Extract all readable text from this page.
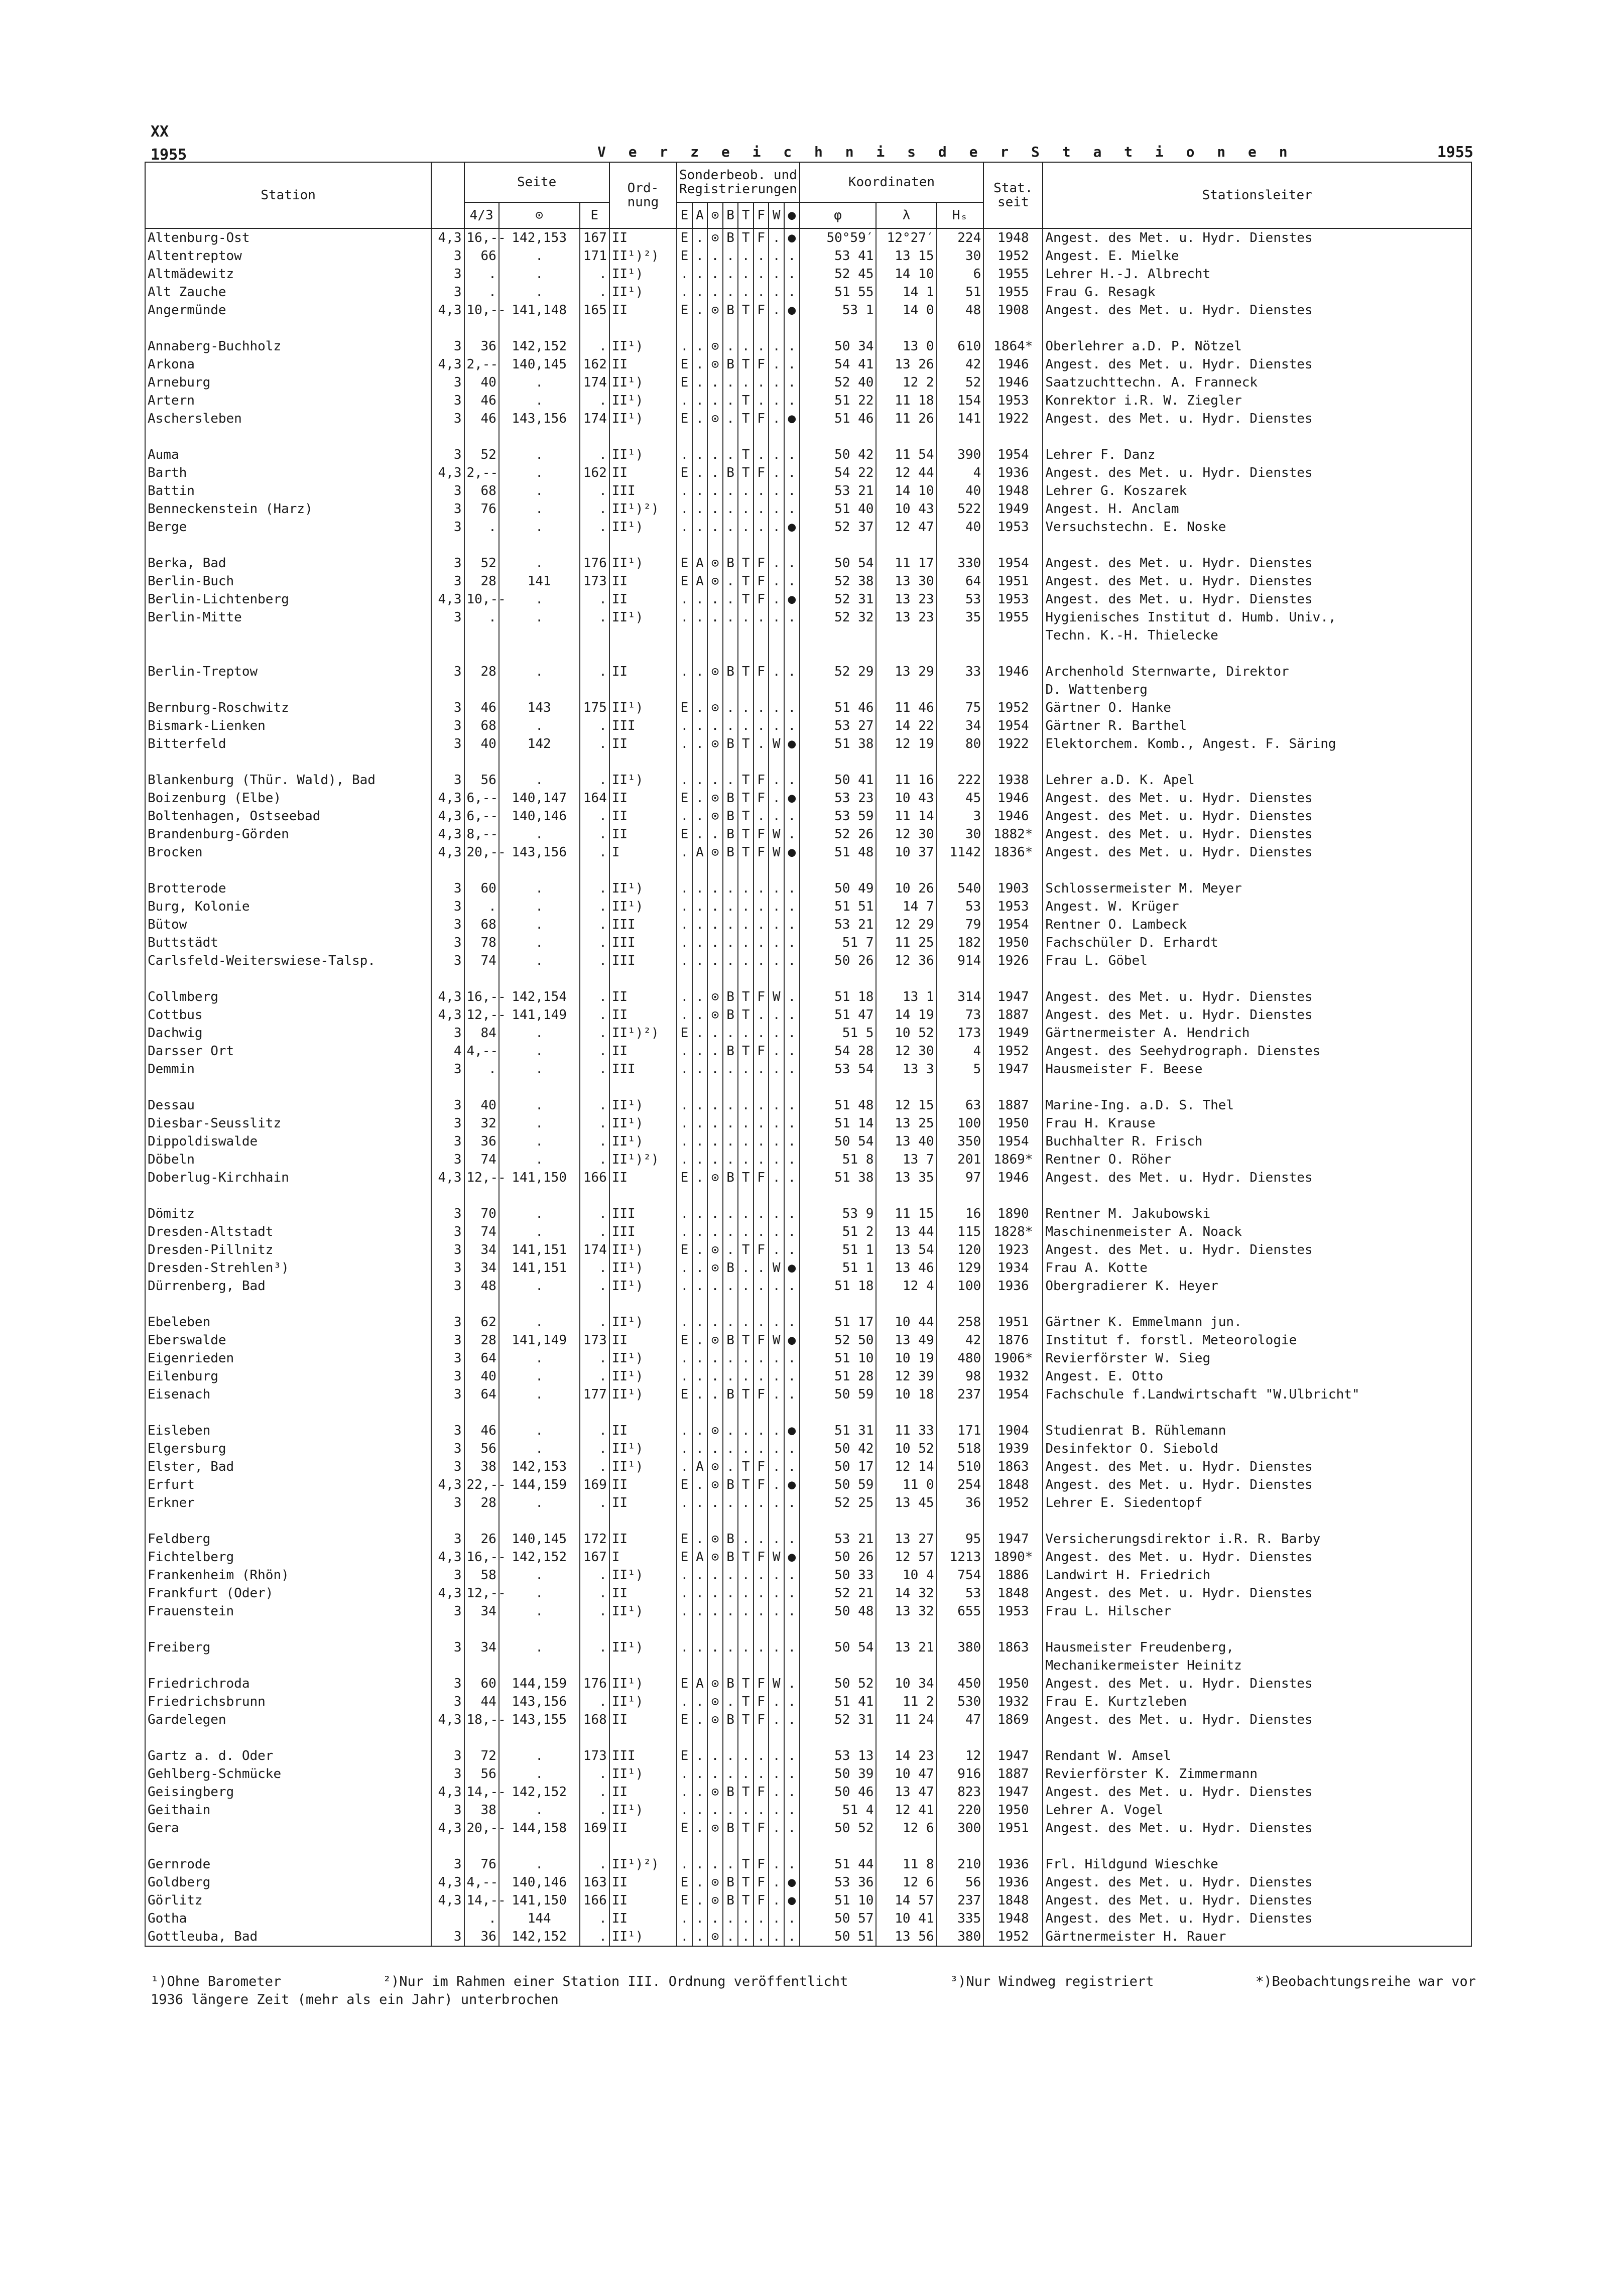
XX
1955	V e r z e i c h n i s d e r S t a t i o n e n	1955
Station		Seite			Ord-
nung	Sonderbeob. und
Registrierungen								Koordinaten			Stat.
seit	Stationsleiter
		4/3	⊙	E		E	A	⊙	B	T	F	W	●	φ	λ	Hₛ		
Altenburg-Ost	4,3	16,--	142,153	167	II	E	.	⊙	B	T	F	.	●	50°59′	12°27′	224	1948	Angest. des Met. u. Hydr. Dienstes
Altentreptow	3	66	.	171	II¹)²)	E	.	.	.	.	.	.	.	53 41	13 15	30	1952	Angest. E. Mielke
Altmädewitz	3	.	.	.	II¹)	.	.	.	.	.	.	.	.	52 45	14 10	6	1955	Lehrer H.-J. Albrecht
Alt Zauche	3	.	.	.	II¹)	.	.	.	.	.	.	.	.	51 55	14 1	51	1955	Frau G. Resagk
Angermünde	4,3	10,--	141,148	165	II	E	.	⊙	B	T	F	.	●	53 1	14 0	48	1908	Angest. des Met. u. Hydr. Dienstes

Annaberg-Buchholz	3	36	142,152	.	II¹)	.	.	⊙	.	.	.	.	.	50 34	13 0	610	1864*	Oberlehrer a.D. P. Nötzel
Arkona	4,3	2,--	140,145	162	II	E	.	⊙	B	T	F	.	.	54 41	13 26	42	1946	Angest. des Met. u. Hydr. Dienstes
Arneburg	3	40	.	174	II¹)	E	.	.	.	.	.	.	.	52 40	12 2	52	1946	Saatzuchttechn. A. Franneck
Artern	3	46	.	.	II¹)	.	.	.	.	T	.	.	.	51 22	11 18	154	1953	Konrektor i.R. W. Ziegler
Aschersleben	3	46	143,156	174	II¹)	E	.	⊙	.	T	F	.	●	51 46	11 26	141	1922	Angest. des Met. u. Hydr. Dienstes

Auma	3	52	.	.	II¹)	.	.	.	.	T	.	.	.	50 42	11 54	390	1954	Lehrer F. Danz
Barth	4,3	2,--	.	162	II	E	.	.	B	T	F	.	.	54 22	12 44	4	1936	Angest. des Met. u. Hydr. Dienstes
Battin	3	68	.	.	III	.	.	.	.	.	.	.	.	53 21	14 10	40	1948	Lehrer G. Koszarek
Benneckenstein (Harz)	3	76	.	.	II¹)²)	.	.	.	.	.	.	.	.	51 40	10 43	522	1949	Angest. H. Anclam
Berge	3	.	.	.	II¹)	.	.	.	.	.	.	.	●	52 37	12 47	40	1953	Versuchstechn. E. Noske

Berka, Bad	3	52	.	176	II¹)	E	A	⊙	B	T	F	.	.	50 54	11 17	330	1954	Angest. des Met. u. Hydr. Dienstes
Berlin-Buch	3	28	141	173	II	E	A	⊙	.	T	F	.	.	52 38	13 30	64	1951	Angest. des Met. u. Hydr. Dienstes
Berlin-Lichtenberg	4,3	10,--	.	.	II	.	.	.	.	T	F	.	●	52 31	13 23	53	1953	Angest. des Met. u. Hydr. Dienstes
Berlin-Mitte	3	.	.	.	II¹)	.	.	.	.	.	.	.	.	52 32	13 23	35	1955	Hygienisches Institut d. Humb. Univ.,
																		Techn. K.-H. Thielecke

Berlin-Treptow	3	28	.	.	II	.	.	⊙	B	T	F	.	.	52 29	13 29	33	1946	Archenhold Sternwarte, Direktor
																		D. Wattenberg
Bernburg-Roschwitz	3	46	143	175	II¹)	E	.	⊙	.	.	.	.	.	51 46	11 46	75	1952	Gärtner O. Hanke
Bismark-Lienken	3	68	.	.	III	.	.	.	.	.	.	.	.	53 27	14 22	34	1954	Gärtner R. Barthel
Bitterfeld	3	40	142	.	II	.	.	⊙	B	T	.	W	●	51 38	12 19	80	1922	Elektorchem. Komb., Angest. F. Säring

Blankenburg (Thür. Wald), Bad	3	56	.	.	II¹)	.	.	.	.	T	F	.	.	50 41	11 16	222	1938	Lehrer a.D. K. Apel
Boizenburg (Elbe)	4,3	6,--	140,147	164	II	E	.	⊙	B	T	F	.	●	53 23	10 43	45	1946	Angest. des Met. u. Hydr. Dienstes
Boltenhagen, Ostseebad	4,3	6,--	140,146	.	II	.	.	⊙	B	T	.	.	.	53 59	11 14	3	1946	Angest. des Met. u. Hydr. Dienstes
Brandenburg-Görden	4,3	8,--	.	.	II	E	.	.	B	T	F	W	.	52 26	12 30	30	1882*	Angest. des Met. u. Hydr. Dienstes
Brocken	4,3	20,--	143,156	.	I	.	A	⊙	B	T	F	W	●	51 48	10 37	1142	1836*	Angest. des Met. u. Hydr. Dienstes

Brotterode	3	60	.	.	II¹)	.	.	.	.	.	.	.	.	50 49	10 26	540	1903	Schlossermeister M. Meyer
Burg, Kolonie	3	.	.	.	II¹)	.	.	.	.	.	.	.	.	51 51	14 7	53	1953	Angest. W. Krüger
Bütow	3	68	.	.	III	.	.	.	.	.	.	.	.	53 21	12 29	79	1954	Rentner O. Lambeck
Buttstädt	3	78	.	.	III	.	.	.	.	.	.	.	.	51 7	11 25	182	1950	Fachschüler D. Erhardt
Carlsfeld-Weiterswiese-Talsp.	3	74	.	.	III	.	.	.	.	.	.	.	.	50 26	12 36	914	1926	Frau L. Göbel

Collmberg	4,3	16,--	142,154	.	II	.	.	⊙	B	T	F	W	.	51 18	13 1	314	1947	Angest. des Met. u. Hydr. Dienstes
Cottbus	4,3	12,--	141,149	.	II	.	.	⊙	B	T	.	.	.	51 47	14 19	73	1887	Angest. des Met. u. Hydr. Dienstes
Dachwig	3	84	.	.	II¹)²)	E	.	.	.	.	.	.	.	51 5	10 52	173	1949	Gärtnermeister A. Hendrich
Darsser Ort	4	4,--	.	.	II	.	.	.	B	T	F	.	.	54 28	12 30	4	1952	Angest. des Seehydrograph. Dienstes
Demmin	3	.	.	.	III	.	.	.	.	.	.	.	.	53 54	13 3	5	1947	Hausmeister F. Beese

Dessau	3	40	.	.	II¹)	.	.	.	.	.	.	.	.	51 48	12 15	63	1887	Marine-Ing. a.D. S. Thel
Diesbar-Seusslitz	3	32	.	.	II¹)	.	.	.	.	.	.	.	.	51 14	13 25	100	1950	Frau H. Krause
Dippoldiswalde	3	36	.	.	II¹)	.	.	.	.	.	.	.	.	50 54	13 40	350	1954	Buchhalter R. Frisch
Döbeln	3	74	.	.	II¹)²)	.	.	.	.	.	.	.	.	51 8	13 7	201	1869*	Rentner O. Röher
Doberlug-Kirchhain	4,3	12,--	141,150	166	II	E	.	⊙	B	T	F	.	.	51 38	13 35	97	1946	Angest. des Met. u. Hydr. Dienstes

Dömitz	3	70	.	.	III	.	.	.	.	.	.	.	.	53 9	11 15	16	1890	Rentner M. Jakubowski
Dresden-Altstadt	3	74	.	.	III	.	.	.	.	.	.	.	.	51 2	13 44	115	1828*	Maschinenmeister A. Noack
Dresden-Pillnitz	3	34	141,151	174	II¹)	E	.	⊙	.	T	F	.	.	51 1	13 54	120	1923	Angest. des Met. u. Hydr. Dienstes
Dresden-Strehlen³)	3	34	141,151	.	II¹)	.	.	⊙	B	.	.	W	●	51 1	13 46	129	1934	Frau A. Kotte
Dürrenberg, Bad	3	48	.	.	II¹)	.	.	.	.	.	.	.	.	51 18	12 4	100	1936	Obergradierer K. Heyer

Ebeleben	3	62	.	.	II¹)	.	.	.	.	.	.	.	.	51 17	10 44	258	1951	Gärtner K. Emmelmann jun.
Eberswalde	3	28	141,149	173	II	E	.	⊙	B	T	F	W	●	52 50	13 49	42	1876	Institut f. forstl. Meteorologie
Eigenrieden	3	64	.	.	II¹)	.	.	.	.	.	.	.	.	51 10	10 19	480	1906*	Revierförster W. Sieg
Eilenburg	3	40	.	.	II¹)	.	.	.	.	.	.	.	.	51 28	12 39	98	1932	Angest. E. Otto
Eisenach	3	64	.	177	II¹)	E	.	.	B	T	F	.	.	50 59	10 18	237	1954	Fachschule f.Landwirtschaft "W.Ulbricht"

Eisleben	3	46	.	.	II	.	.	⊙	.	.	.	.	●	51 31	11 33	171	1904	Studienrat B. Rühlemann
Elgersburg	3	56	.	.	II¹)	.	.	.	.	.	.	.	.	50 42	10 52	518	1939	Desinfektor O. Siebold
Elster, Bad	3	38	142,153	.	II¹)	.	A	⊙	.	T	F	.	.	50 17	12 14	510	1863	Angest. des Met. u. Hydr. Dienstes
Erfurt	4,3	22,--	144,159	169	II	E	.	⊙	B	T	F	.	●	50 59	11 0	254	1848	Angest. des Met. u. Hydr. Dienstes
Erkner	3	28	.	.	II	.	.	.	.	.	.	.	.	52 25	13 45	36	1952	Lehrer E. Siedentopf

Feldberg	3	26	140,145	172	II	E	.	⊙	B	.	.	.	.	53 21	13 27	95	1947	Versicherungsdirektor i.R. R. Barby
Fichtelberg	4,3	16,--	142,152	167	I	E	A	⊙	B	T	F	W	●	50 26	12 57	1213	1890*	Angest. des Met. u. Hydr. Dienstes
Frankenheim (Rhön)	3	58	.	.	II¹)	.	.	.	.	.	.	.	.	50 33	10 4	754	1886	Landwirt H. Friedrich
Frankfurt (Oder)	4,3	12,--	.	.	II	.	.	.	.	.	.	.	.	52 21	14 32	53	1848	Angest. des Met. u. Hydr. Dienstes
Frauenstein	3	34	.	.	II¹)	.	.	.	.	.	.	.	.	50 48	13 32	655	1953	Frau L. Hilscher

Freiberg	3	34	.	.	II¹)	.	.	.	.	.	.	.	.	50 54	13 21	380	1863	Hausmeister Freudenberg,
																		Mechanikermeister Heinitz
Friedrichroda	3	60	144,159	176	II¹)	E	A	⊙	B	T	F	W	.	50 52	10 34	450	1950	Angest. des Met. u. Hydr. Dienstes
Friedrichsbrunn	3	44	143,156	.	II¹)	.	.	⊙	.	T	F	.	.	51 41	11 2	530	1932	Frau E. Kurtzleben
Gardelegen	4,3	18,--	143,155	168	II	E	.	⊙	B	T	F	.	.	52 31	11 24	47	1869	Angest. des Met. u. Hydr. Dienstes

Gartz a. d. Oder	3	72	.	173	III	E	.	.	.	.	.	.	.	53 13	14 23	12	1947	Rendant W. Amsel
Gehlberg-Schmücke	3	56	.	.	II¹)	.	.	.	.	.	.	.	.	50 39	10 47	916	1887	Revierförster K. Zimmermann
Geisingberg	4,3	14,--	142,152	.	II	.	.	⊙	B	T	F	.	.	50 46	13 47	823	1947	Angest. des Met. u. Hydr. Dienstes
Geithain	3	38	.	.	II¹)	.	.	.	.	.	.	.	.	51 4	12 41	220	1950	Lehrer A. Vogel
Gera	4,3	20,--	144,158	169	II	E	.	⊙	B	T	F	.	.	50 52	12 6	300	1951	Angest. des Met. u. Hydr. Dienstes

Gernrode	3	76	.	.	II¹)²)	.	.	.	.	T	F	.	.	51 44	11 8	210	1936	Frl. Hildgund Wieschke
Goldberg	4,3	4,--	140,146	163	II	E	.	⊙	B	T	F	.	●	53 36	12 6	56	1936	Angest. des Met. u. Hydr. Dienstes
Görlitz	4,3	14,--	141,150	166	II	E	.	⊙	B	T	F	.	●	51 10	14 57	237	1848	Angest. des Met. u. Hydr. Dienstes
Gotha		.	144	.	II	.	.	.	.	.	.	.	.	50 57	10 41	335	1948	Angest. des Met. u. Hydr. Dienstes
Gottleuba, Bad	3	36	142,152	.	II¹)	.	.	⊙	.	.	.	.	.	50 51	13 56	380	1952	Gärtnermeister H. Rauer
¹)Ohne Barometer	²)Nur im Rahmen einer Station III. Ordnung veröffentlicht	³)Nur Windweg registriert	*)Beobachtungsreihe war vor
1936 längere Zeit (mehr als ein Jahr) unterbrochen
